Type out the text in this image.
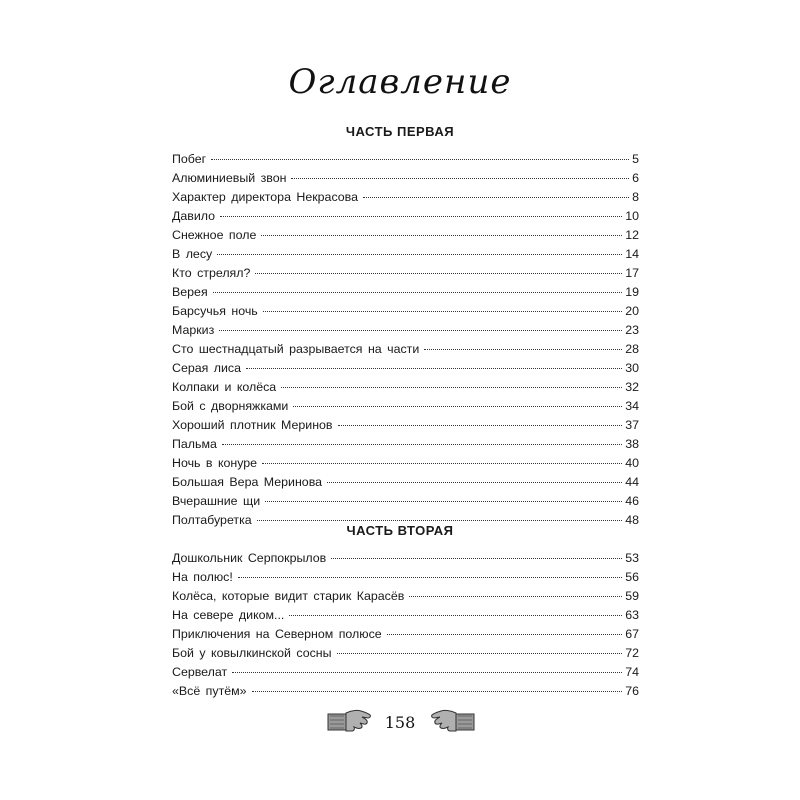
Оглавление
ЧАСТЬ ПЕРВАЯ
Побег	5
Алюминиевый звон	6
Характер директора Некрасова	8
Давило	10
Снежное поле	12
В лесу	14
Кто стрелял?	17
Верея	19
Барсучья ночь	20
Маркиз	23
Сто шестнадцатый разрывается на части	28
Серая лиса	30
Колпаки и колёса	32
Бой с дворняжками	34
Хороший плотник Меринов	37
Пальма	38
Ночь в конуре	40
Большая Вера Меринова	44
Вчерашние щи	46
Полтабуретка	48
ЧАСТЬ ВТОРАЯ
Дошкольник Серпокрылов	53
На полюс!	56
Колёса, которые видит старик Карасёв	59
На севере диком...	63
Приключения на Северном полюсе	67
Бой у ковылкинской сосны	72
Сервелат	74
«Всё путём»	76
158
